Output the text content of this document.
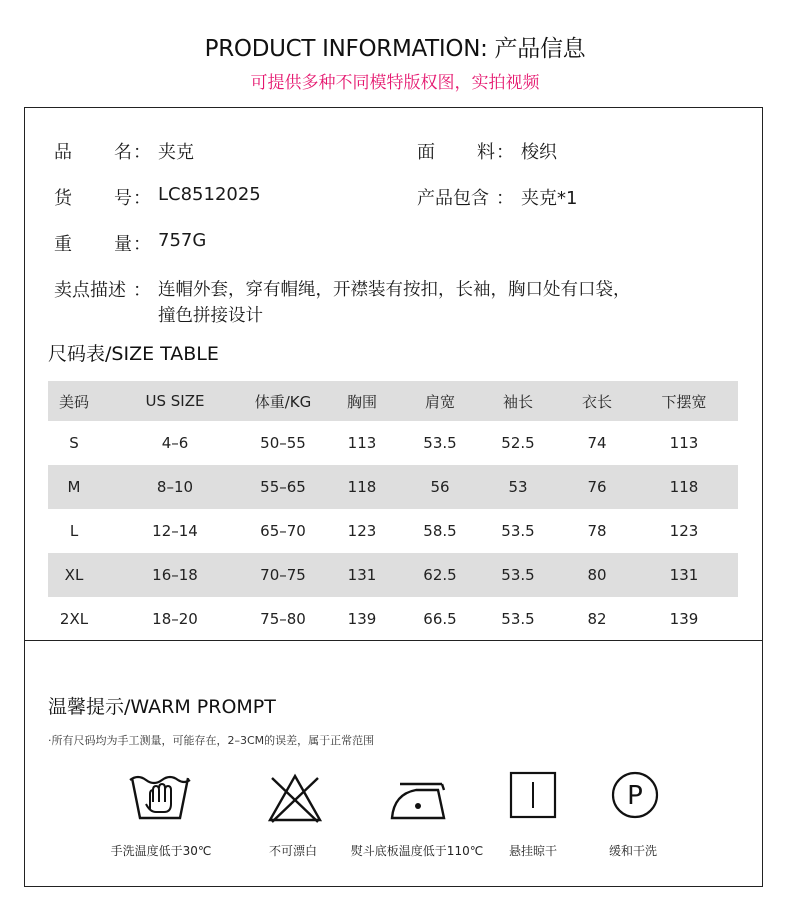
PRODUCT INFORMATION: 产品信息
可提供多种不同模特版权图，实拍视频
品 名 ： 夹克	面 料 ： 梭织
货 号 ： LC8512025	产品包含 ： 夹克*1
重 量 ： 757G
卖点描述 ： 连帽外套，穿有帽绳，开襟装有按扣，长袖，胸口处有口袋，
撞色拼接设计
尺码表/SIZE TABLE
美码	US SIZE	体重/KG	胸围	肩宽	袖长	衣长	下摆宽
S	4–6	50–55	113	53.5	52.5	74	113
M	8–10	55–65	118	56	53	76	118
L	12–14	65–70	123	58.5	53.5	78	123
XL	16–18	70–75	131	62.5	53.5	80	131
2XL	18–20	75–80	139	66.5	53.5	82	139
温馨提示/WARM PROMPT
·所有尺码均为手工测量，可能存在，2–3CM的误差，属于正常范围
P
手洗温度低于30℃	不可漂白	熨斗底板温度低于110℃ 悬挂晾干	缓和干洗
